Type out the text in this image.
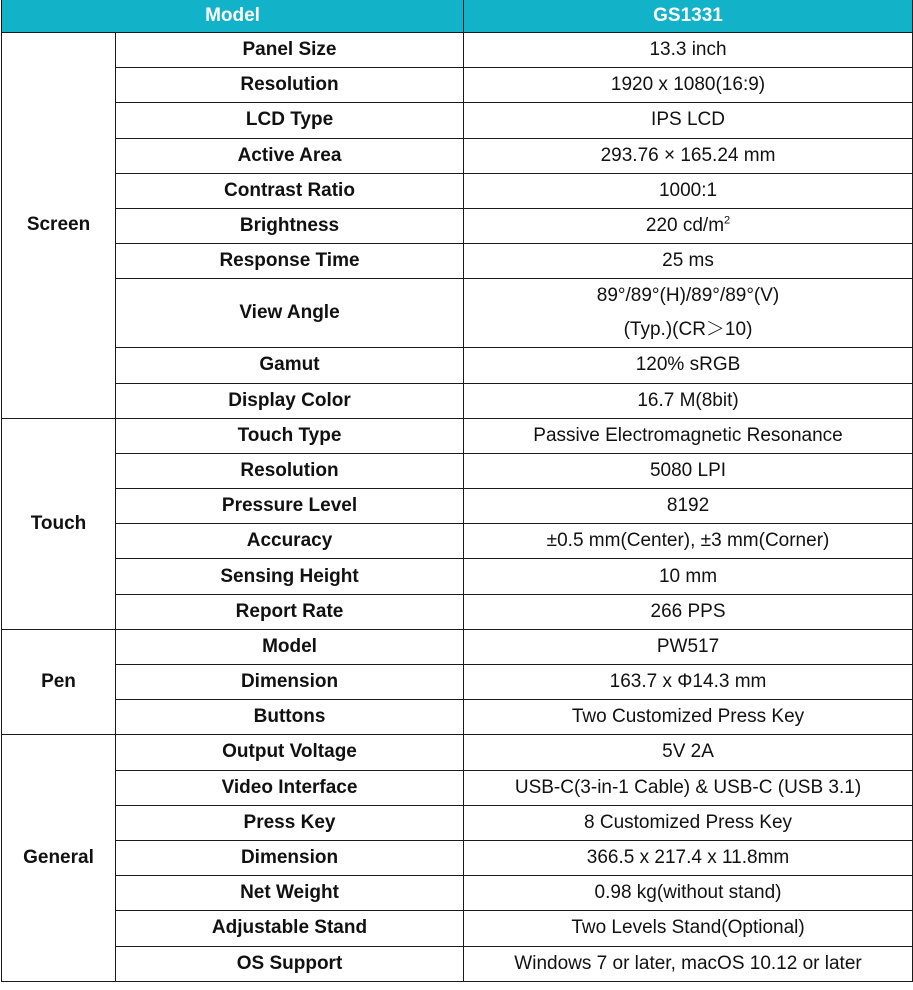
Model		GS1331
Screen	Panel Size	13.3 inch
	Resolution	1920 x 1080(16:9)
	LCD Type	IPS LCD
	Active Area	293.76 × 165.24 mm
	Contrast Ratio	1000:1
	Brightness	220 $cd/m^2$
	Response Time	25 ms
	View Angle	89°/89°(H)/89°/89°(V)
(Typ.)(CR＞10)

	Gamut	120% sRGB
	Display Color	16.7 M(8bit)
Touch	Touch Type	Passive Electromagnetic Resonance
	Resolution	5080 LPI
	Pressure Level	8192
	Accuracy	±0.5 mm(Center), ±3 mm(Corner)
	Sensing Height	10 mm
	Report Rate	266 PPS
Pen	Model	PW517
	Dimension	163.7 x Φ14.3 mm
	Buttons	Two Customized Press Key
General	Output Voltage	5V 2A
	Video Interface	USB-C(3-in-1 Cable) & USB-C (USB 3.1)
	Press Key	8 Customized Press Key
	Dimension	366.5 x 217.4 x 11.8mm
	Net Weight	0.98 kg(without stand)
	Adjustable Stand	Two Levels Stand(Optional)
	OS Support	Windows 7 or later, macOS 10.12 or later
